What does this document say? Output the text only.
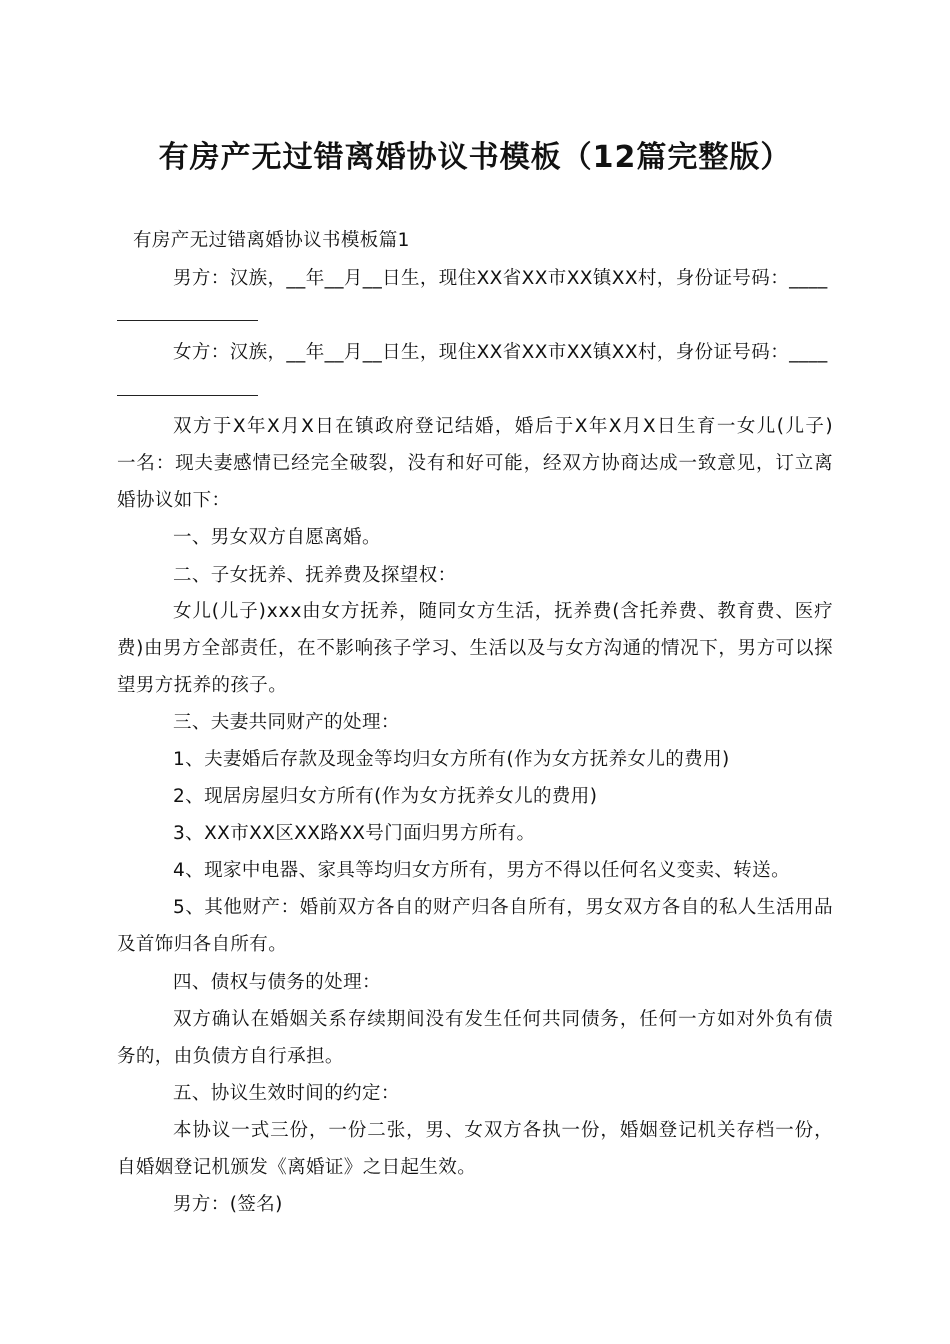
有房产无过错离婚协议书模板（12篇完整版）
有房产无过错离婚协议书模板篇1
男方：汉族，__年__月__日生，现住XX省XX市XX镇XX村，身份证号码：____
女方：汉族，__年__月__日生，现住XX省XX市XX镇XX村，身份证号码：____
双方于X年X月X日在镇政府登记结婚，婚后于X年X月X日生育一女儿(儿子)
一名：现夫妻感情已经完全破裂，没有和好可能，经双方协商达成一致意见，订立离
婚协议如下：
一、男女双方自愿离婚。
二、子女抚养、抚养费及探望权：
女儿(儿子)xxx由女方抚养，随同女方生活，抚养费(含托养费、教育费、医疗
费)由男方全部责任，在不影响孩子学习、生活以及与女方沟通的情况下，男方可以探
望男方抚养的孩子。
三、夫妻共同财产的处理：
1、夫妻婚后存款及现金等均归女方所有(作为女方抚养女儿的费用)
2、现居房屋归女方所有(作为女方抚养女儿的费用)
3、XX市XX区XX路XX号门面归男方所有。
4、现家中电器、家具等均归女方所有，男方不得以任何名义变卖、转送。
5、其他财产：婚前双方各自的财产归各自所有，男女双方各自的私人生活用品
及首饰归各自所有。
四、债权与债务的处理：
双方确认在婚姻关系存续期间没有发生任何共同债务，任何一方如对外负有债
务的，由负债方自行承担。
五、协议生效时间的约定：
本协议一式三份，一份二张，男、女双方各执一份，婚姻登记机关存档一份，
自婚姻登记机颁发《离婚证》之日起生效。
男方：(签名)
